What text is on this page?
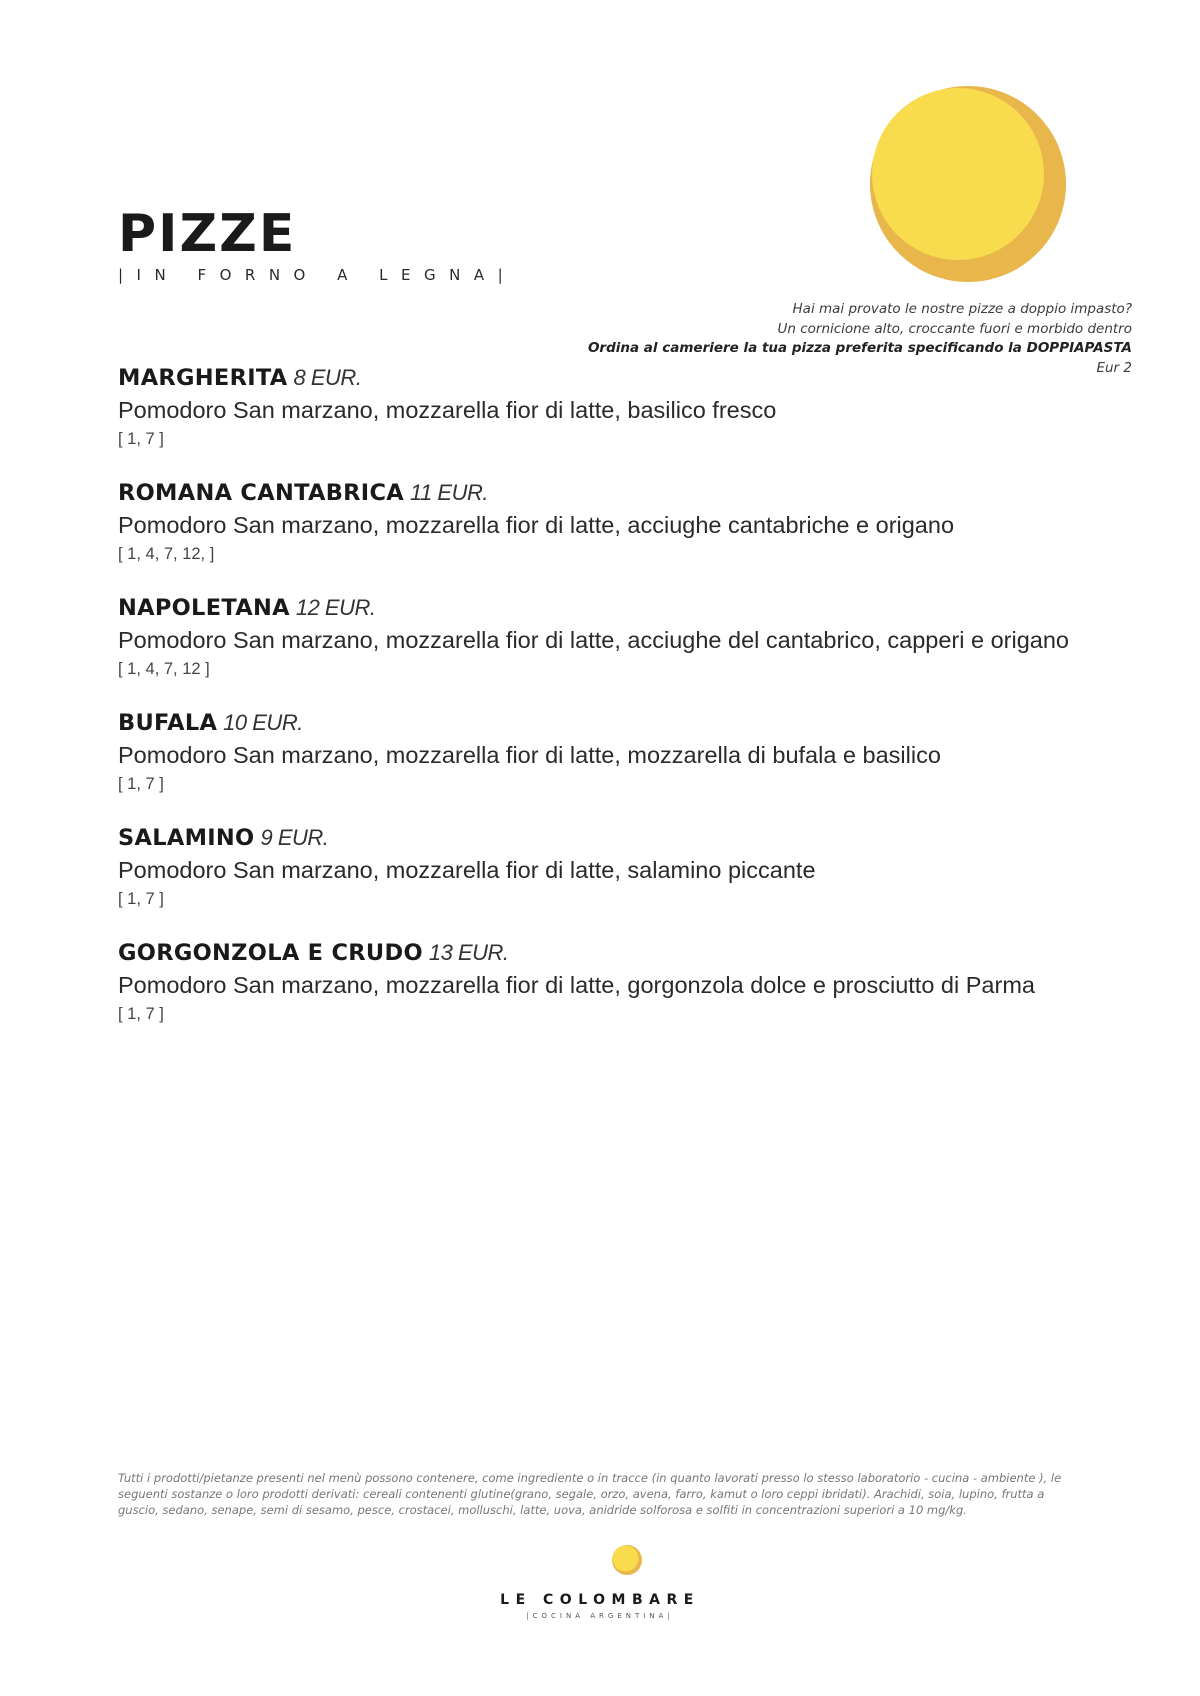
PIZZE
|IN FORNO A LEGNA|
Hai mai provato le nostre pizze a doppio impasto?
Un cornicione alto, croccante fuori e morbido dentro
Ordina al cameriere la tua pizza preferita specificando la DOPPIAPASTA
Eur 2
MARGHERITA 8 EUR.
Pomodoro San marzano, mozzarella fior di latte, basilico fresco
[ 1, 7 ]
ROMANA CANTABRICA 11 EUR.
Pomodoro San marzano, mozzarella fior di latte, acciughe cantabriche e origano
[ 1, 4, 7, 12, ]
NAPOLETANA 12 EUR.
Pomodoro San marzano, mozzarella fior di latte, acciughe del cantabrico, capperi e origano
[ 1, 4, 7, 12 ]
BUFALA 10 EUR.
Pomodoro San marzano, mozzarella fior di latte, mozzarella di bufala e basilico
[ 1, 7 ]
SALAMINO 9 EUR.
Pomodoro San marzano, mozzarella fior di latte, salamino piccante
[ 1, 7 ]
GORGONZOLA E CRUDO 13 EUR.
Pomodoro San marzano, mozzarella fior di latte, gorgonzola dolce e prosciutto di Parma
[ 1, 7 ]
Tutti i prodotti/pietanze presenti nel menù possono contenere, come ingrediente o in tracce (in quanto lavorati presso lo stesso laboratorio - cucina - ambiente ), le seguenti sostanze o loro prodotti derivati: cereali contenenti glutine(grano, segale, orzo, avena, farro, kamut o loro ceppi ibridati). Arachidi, soia, lupino, frutta a guscio, sedano, senape, semi di sesamo, pesce, crostacei, molluschi, latte, uova, anidride solforosa e solfiti in concentrazioni superiori a 10 mg/kg.
LE COLOMBARE
|COCINA ARGENTINA|
